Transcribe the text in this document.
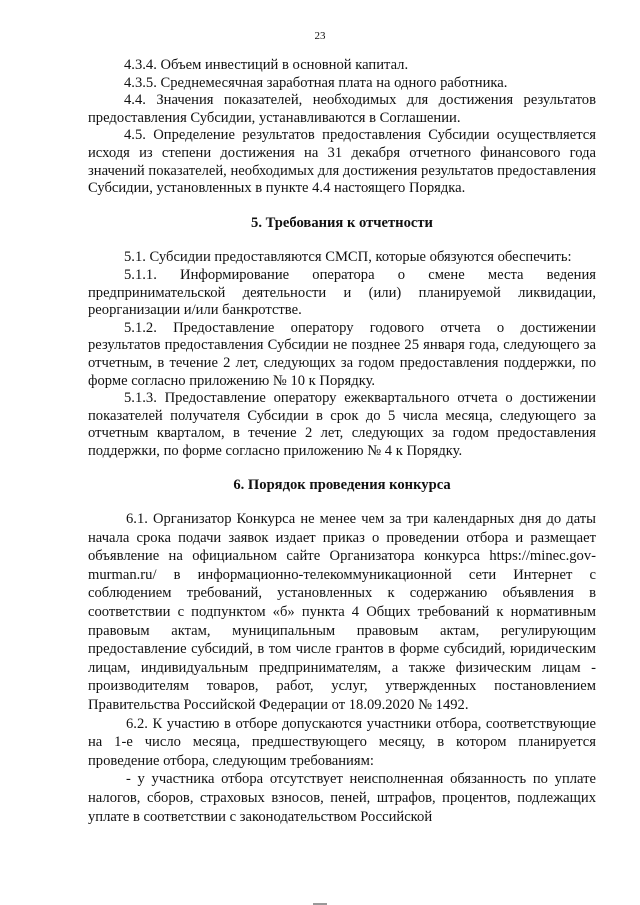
23

4.3.4. Объем инвестиций в основной капитал.

4.3.5. Среднемесячная заработная плата на одного работника.

4.4. Значения показателей, необходимых для достижения результатов предоставления Субсидии, устанавливаются в Соглашении.

4.5. Определение результатов предоставления Субсидии осуществляется исходя из степени достижения на 31 декабря отчетного финансового года значений показателей, необходимых для достижения результатов предоставления Субсидии, установленных в пункте 4.4 настоящего Порядка.

5. Требования к отчетности

5.1. Субсидии предоставляются СМСП, которые обязуются обеспечить:

5.1.1. Информирование оператора о смене места ведения предпринимательской деятельности и (или) планируемой ликвидации, реорганизации и/или банкротстве.

5.1.2. Предоставление оператору годового отчета о достижении результатов предоставления Субсидии не позднее 25 января года, следующего за отчетным, в течение 2 лет, следующих за годом предоставления поддержки, по форме согласно приложению № 10 к Порядку.

5.1.3. Предоставление оператору ежеквартального отчета о достижении показателей получателя Субсидии в срок до 5 числа месяца, следующего за отчетным кварталом, в течение 2 лет, следующих за годом предоставления поддержки, по форме согласно приложению № 4 к Порядку.

6. Порядок проведения конкурса

6.1. Организатор Конкурса не менее чем за три календарных дня до даты начала срока подачи заявок издает приказ о проведении отбора и размещает объявление на официальном сайте Организатора конкурса https://minec.gov-murman.ru/ в информационно-телекоммуникационной сети Интернет с соблюдением требований, установленных к содержанию объявления в соответствии с подпунктом «б» пункта 4 Общих требований к нормативным правовым актам, муниципальным правовым актам, регулирующим предоставление субсидий, в том числе грантов в форме субсидий, юридическим лицам, индивидуальным предпринимателям, а также физическим лицам - производителям товаров, работ, услуг, утвержденных постановлением Правительства Российской Федерации от 18.09.2020 № 1492.

6.2. К участию в отборе допускаются участники отбора, соответствующие на 1-е число месяца, предшествующего месяцу, в котором планируется проведение отбора, следующим требованиям:

- у участника отбора отсутствует неисполненная обязанность по уплате налогов, сборов, страховых взносов, пеней, штрафов, процентов, подлежащих уплате в соответствии с законодательством Российской
